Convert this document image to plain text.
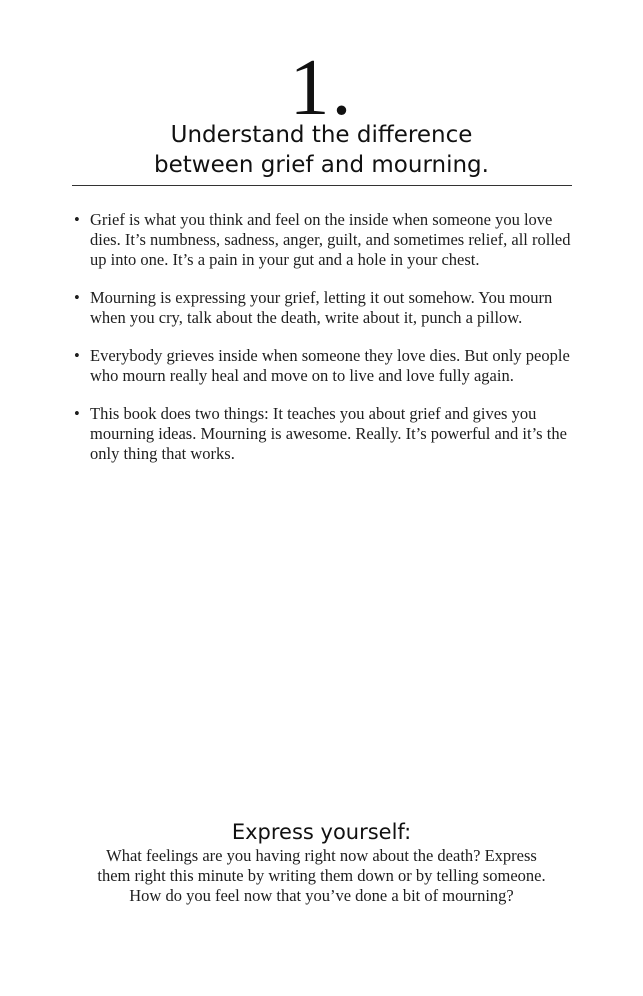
1.
Understand the difference
between grief and mourning.
• Grief is what you think and feel on the inside when someone you love dies. It’s numbness, sadness, anger, guilt, and sometimes relief, all rolled up into one. It’s a pain in your gut and a hole in your chest.
• Mourning is expressing your grief, letting it out somehow. You mourn when you cry, talk about the death, write about it, punch a pillow.
• Everybody grieves inside when someone they love dies. But only people who mourn really heal and move on to live and love fully again.
• This book does two things: It teaches you about grief and gives you mourning ideas. Mourning is awesome. Really. It’s powerful and it’s the only thing that works.
Express yourself:
What feelings are you having right now about the death? Express
them right this minute by writing them down or by telling someone.
How do you feel now that you’ve done a bit of mourning?
